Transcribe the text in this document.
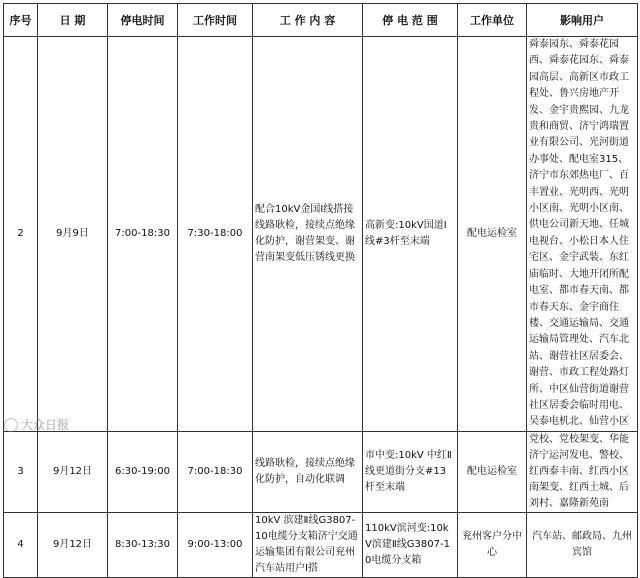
序号	日 期	停电时间	工作时间	工 作 内 容	停 电 范 围	工作单位	影响用户
2	9月9日	7:00-18:30	7:30-18:00	配合10kV金国Ⅰ线搭接线路耿检，接续点绝缘化防护，谢营架变、谢营南架变低压锈线更换	高新变:10kV国道Ⅰ线#3杆至末端	配电运检室	舜泰园东、舜泰花园西、舜泰花园东、舜泰园高层、高新区市政工程处、鲁兴房地产开发、金宇贵熙园、九龙贵和商贸、济宁鸿瑞置业有限公司、光河街道办事处、配电室315、济宁市东郊热电厂、百丰置业、光明西、光明小区南、光明小区南、供电公司新天地、任城电视台、小松日本人住宅区、金宇武装、东红庙临时、大地开闭所配电室、都市春天南、都市春天东、金宇商住楼、交通运输局、交通运输局管理处、汽车北站、谢营社区居委会、谢营、市政工程处路灯所、中区仙营街道谢营社区居委会临时用电、吴泰电机北、仙营小区
3	9月12日	6:30-19:00	7:00-18:30	线路耿检，接续点绝缘化防护，自动化联调	市中变:10kV 中红Ⅱ线更道街分支#13杆至末端	配电运检室	党校、党校架变、华能济宁运河发电、警校、红西泰丰南、红西小区南架变、红西土城、后刘村、嘉隆新苑南
4	9月12日	8:30-13:30	9:00-13:00	10kV 滨建Ⅱ线G3807-10电缆分支箱济宁交通运输集团有限公司兖州汽车站用户Ⅰ搭	110kV滨河变:10kV滨建Ⅱ线G3807-10电缆分支箱	兖州客户分中心	汽车站、邮政局、九州宾馆
大众日报
